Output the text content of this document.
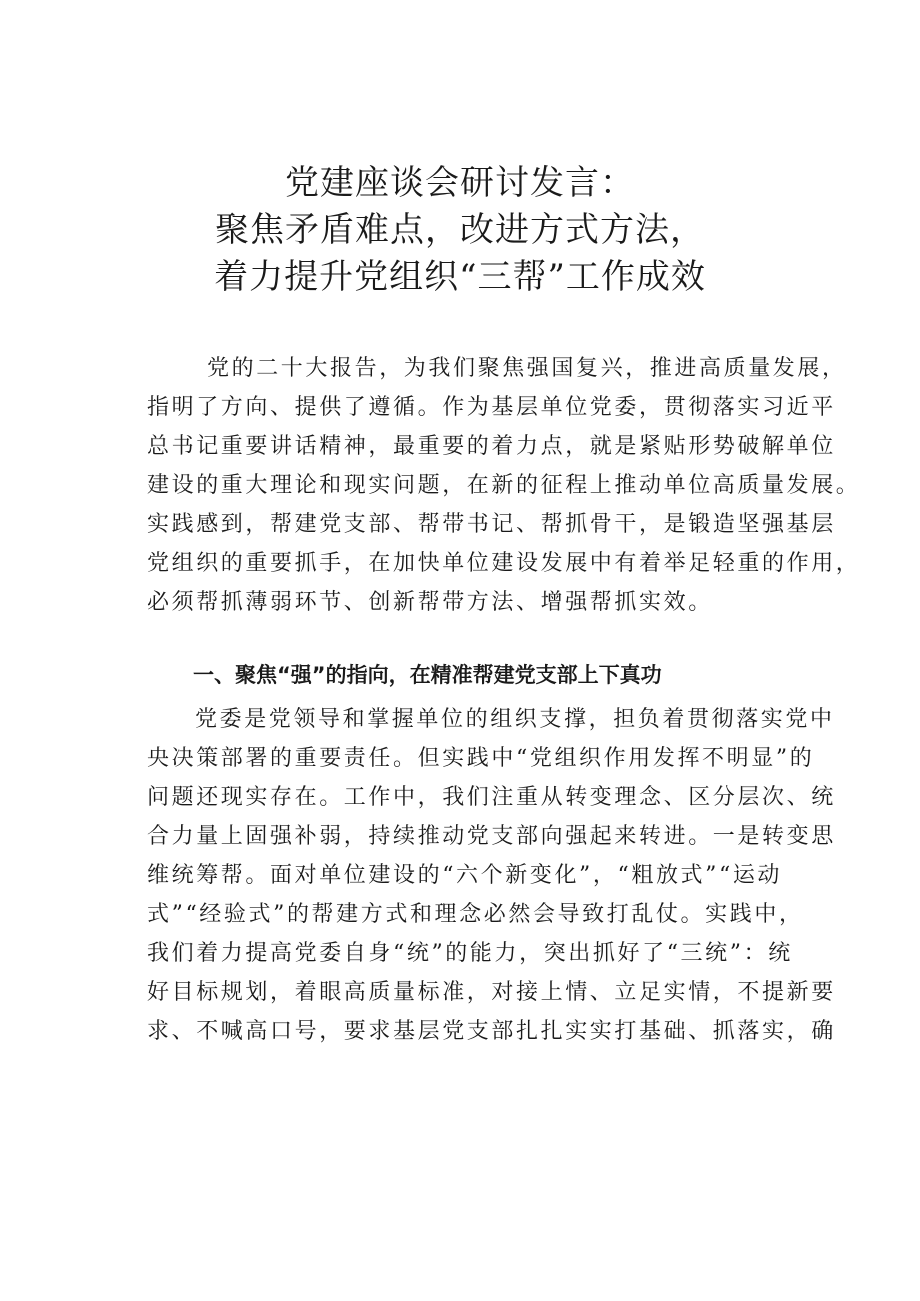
党建座谈会研讨发言：
聚焦矛盾难点，改进方式方法，
着力提升党组织“三帮”工作成效
党的二十大报告，为我们聚焦强国复兴，推进高质量发展，
指明了方向、提供了遵循。作为基层单位党委，贯彻落实习近平
总书记重要讲话精神，最重要的着力点，就是紧贴形势破解单位
建设的重大理论和现实问题，在新的征程上推动单位高质量发展。
实践感到，帮建党支部、帮带书记、帮抓骨干，是锻造坚强基层
党组织的重要抓手，在加快单位建设发展中有着举足轻重的作用，
必须帮抓薄弱环节、创新帮带方法、增强帮抓实效。
一、聚焦“强”的指向，在精准帮建党支部上下真功
党委是党领导和掌握单位的组织支撑，担负着贯彻落实党中
央决策部署的重要责任。但实践中“党组织作用发挥不明显”的
问题还现实存在。工作中，我们注重从转变理念、区分层次、统
合力量上固强补弱，持续推动党支部向强起来转进。一是转变思
维统筹帮。面对单位建设的“六个新变化”，“粗放式”“运动
式”“经验式”的帮建方式和理念必然会导致打乱仗。实践中，
我们着力提高党委自身“统”的能力，突出抓好了“三统”：统
好目标规划，着眼高质量标准，对接上情、立足实情，不提新要
求、不喊高口号，要求基层党支部扎扎实实打基础、抓落实，确
